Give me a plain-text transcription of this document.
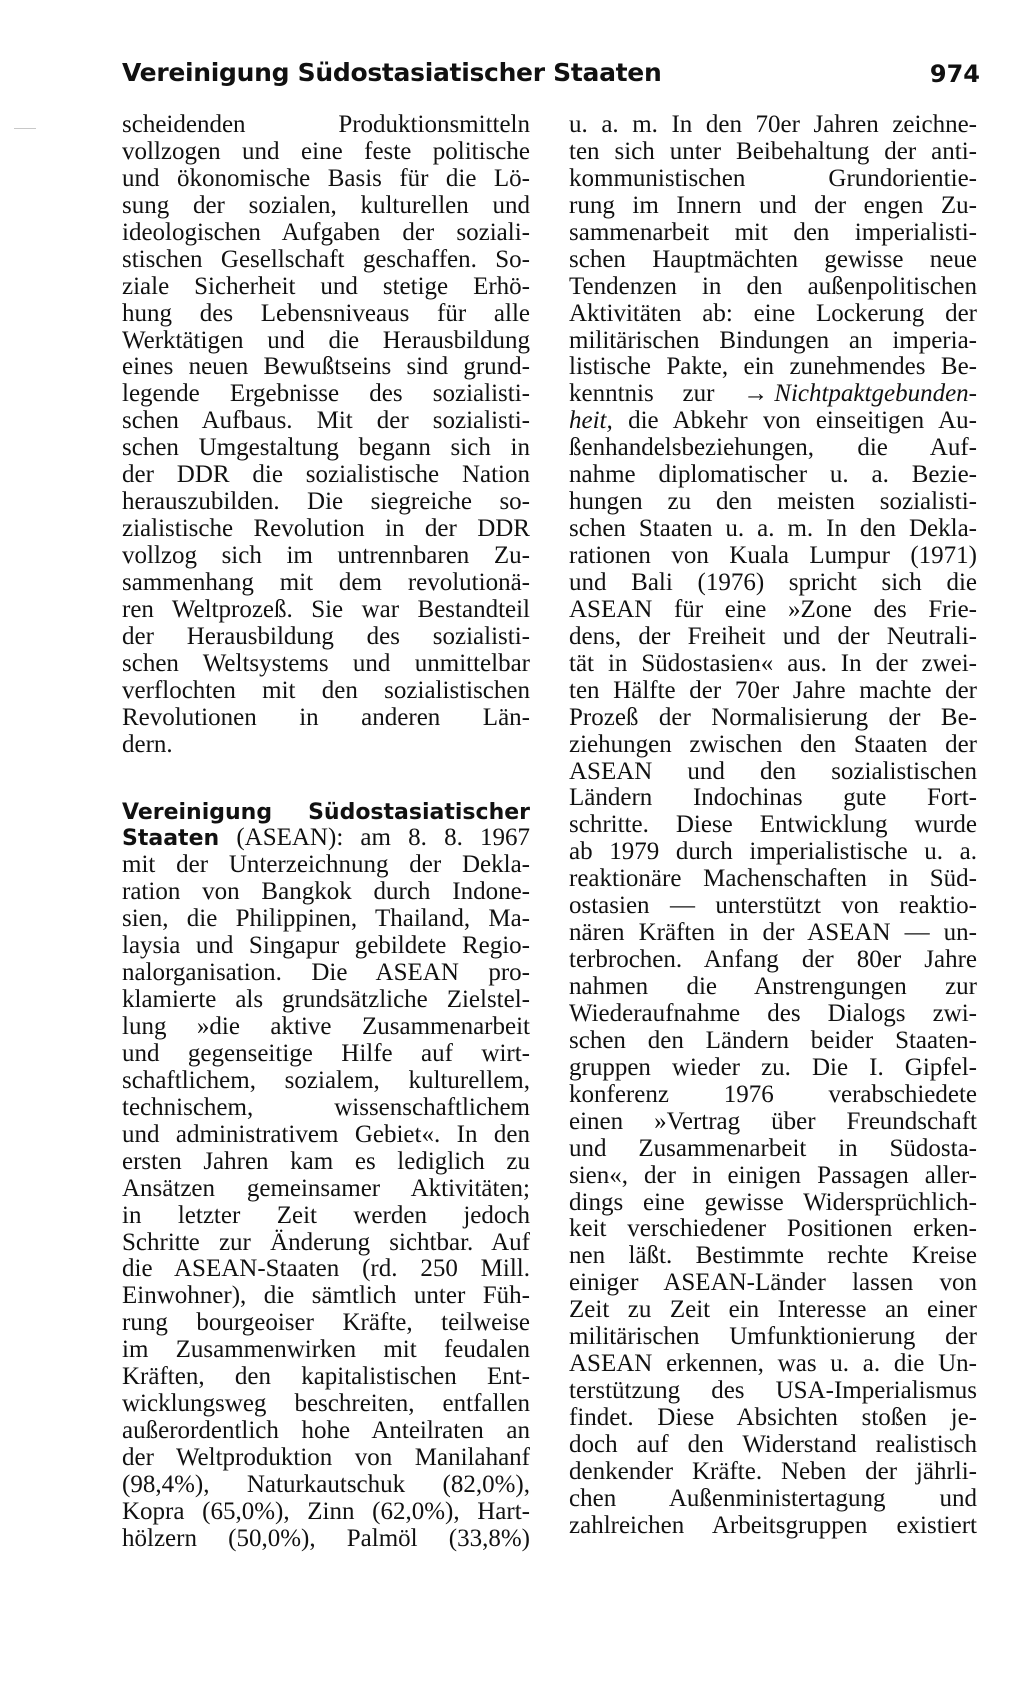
Vereinigung Südostasiatischer Staaten	974
scheidenden Produktionsmitteln
vollzogen und eine feste politische
und ökonomische Basis für die Lö-
sung der sozialen, kulturellen und
ideologischen Aufgaben der soziali-
stischen Gesellschaft geschaffen. So-
ziale Sicherheit und stetige Erhö-
hung des Lebensniveaus für alle
Werktätigen und die Herausbildung
eines neuen Bewußtseins sind grund-
legende Ergebnisse des sozialisti-
schen Aufbaus. Mit der sozialisti-
schen Umgestaltung begann sich in
der DDR die sozialistische Nation
herauszubilden. Die siegreiche so-
zialistische Revolution in der DDR
vollzog sich im untrennbaren Zu-
sammenhang mit dem revolutionä-
ren Weltprozeß. Sie war Bestandteil
der Herausbildung des sozialisti-
schen Weltsystems und unmittelbar
verflochten mit den sozialistischen
Revolutionen in anderen Län-
dern.
Vereinigung Südostasiatischer
Staaten (ASEAN): am 8. 8. 1967
mit der Unterzeichnung der Dekla-
ration von Bangkok durch Indone-
sien, die Philippinen, Thailand, Ma-
laysia und Singapur gebildete Regio-
nalorganisation. Die ASEAN pro-
klamierte als grundsätzliche Zielstel-
lung »die aktive Zusammenarbeit
und gegenseitige Hilfe auf wirt-
schaftlichem, sozialem, kulturellem,
technischem, wissenschaftlichem
und administrativem Gebiet«. In den
ersten Jahren kam es lediglich zu
Ansätzen gemeinsamer Aktivitäten;
in letzter Zeit werden jedoch
Schritte zur Änderung sichtbar. Auf
die ASEAN-Staaten (rd. 250 Mill.
Einwohner), die sämtlich unter Füh-
rung bourgeoiser Kräfte, teilweise
im Zusammenwirken mit feudalen
Kräften, den kapitalistischen Ent-
wicklungsweg beschreiten, entfallen
außerordentlich hohe Anteilraten an
der Weltproduktion von Manilahanf
(98,4%), Naturkautschuk (82,0%),
Kopra (65,0%), Zinn (62,0%), Hart-
hölzern (50,0%), Palmöl (33,8%)
u. a. m. In den 70er Jahren zeichne-
ten sich unter Beibehaltung der anti-
kommunistischen Grundorientie-
rung im Innern und der engen Zu-
sammenarbeit mit den imperialisti-
schen Hauptmächten gewisse neue
Tendenzen in den außenpolitischen
Aktivitäten ab: eine Lockerung der
militärischen Bindungen an imperia-
listische Pakte, ein zunehmendes Be-
kenntnis zur → Nichtpaktgebunden-
heit, die Abkehr von einseitigen Au-
ßenhandelsbeziehungen, die Auf-
nahme diplomatischer u. a. Bezie-
hungen zu den meisten sozialisti-
schen Staaten u. a. m. In den Dekla-
rationen von Kuala Lumpur (1971)
und Bali (1976) spricht sich die
ASEAN für eine »Zone des Frie-
dens, der Freiheit und der Neutrali-
tät in Südostasien« aus. In der zwei-
ten Hälfte der 70er Jahre machte der
Prozeß der Normalisierung der Be-
ziehungen zwischen den Staaten der
ASEAN und den sozialistischen
Ländern Indochinas gute Fort-
schritte. Diese Entwicklung wurde
ab 1979 durch imperialistische u. a.
reaktionäre Machenschaften in Süd-
ostasien — unterstützt von reaktio-
nären Kräften in der ASEAN — un-
terbrochen. Anfang der 80er Jahre
nahmen die Anstrengungen zur
Wiederaufnahme des Dialogs zwi-
schen den Ländern beider Staaten-
gruppen wieder zu. Die I. Gipfel-
konferenz 1976 verabschiedete
einen »Vertrag über Freundschaft
und Zusammenarbeit in Südosta-
sien«, der in einigen Passagen aller-
dings eine gewisse Widersprüchlich-
keit verschiedener Positionen erken-
nen läßt. Bestimmte rechte Kreise
einiger ASEAN-Länder lassen von
Zeit zu Zeit ein Interesse an einer
militärischen Umfunktionierung der
ASEAN erkennen, was u. a. die Un-
terstützung des USA-Imperialismus
findet. Diese Absichten stoßen je-
doch auf den Widerstand realistisch
denkender Kräfte. Neben der jährli-
chen Außenministertagung und
zahlreichen Arbeitsgruppen existiert
